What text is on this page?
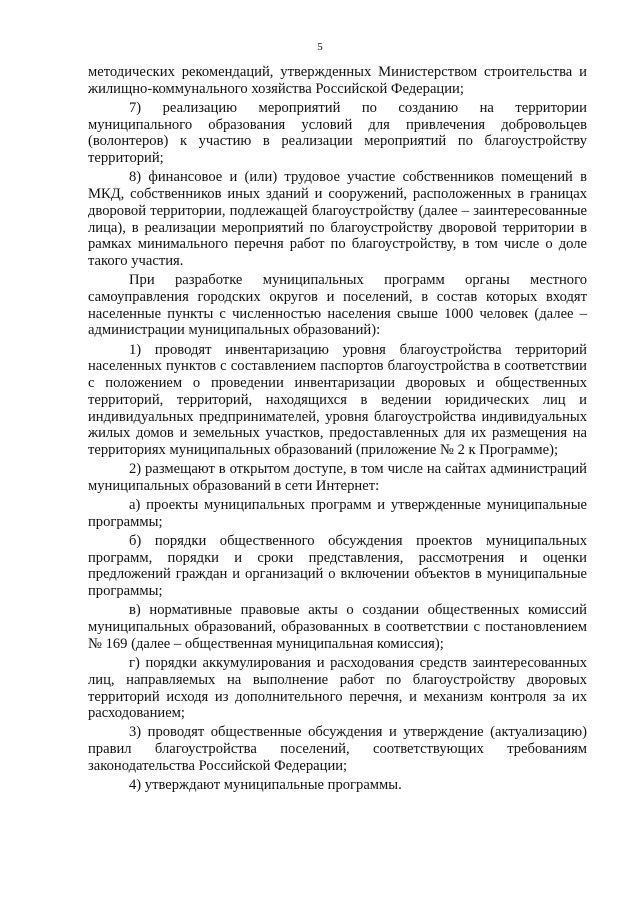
5

методических рекомендаций, утвержденных Министерством строительства и жилищно-коммунального хозяйства Российской Федерации;

7) реализацию мероприятий по созданию на территории муниципального образования условий для привлечения добровольцев (волонтеров) к участию в реализации мероприятий по благоустройству территорий;

8) финансовое и (или) трудовое участие собственников помещений в МКД, собственников иных зданий и сооружений, расположенных в границах дворовой территории, подлежащей благоустройству (далее – заинтересованные лица), в реализации мероприятий по благоустройству дворовой территории в рамках минимального перечня работ по благоустройству, в том числе о доле такого участия.

При разработке муниципальных программ органы местного самоуправления городских округов и поселений, в состав которых входят населенные пункты с численностью населения свыше 1000 человек (далее – администрации муниципальных образований):

1) проводят инвентаризацию уровня благоустройства территорий населенных пунктов с составлением паспортов благоустройства в соответствии с положением о проведении инвентаризации дворовых и общественных территорий, территорий, находящихся в ведении юридических лиц и индивидуальных предпринимателей, уровня благоустройства индивидуальных жилых домов и земельных участков, предоставленных для их размещения на территориях муниципальных образований (приложение № 2 к Программе);

2) размещают в открытом доступе, в том числе на сайтах администраций муниципальных образований в сети Интернет:

а) проекты муниципальных программ и утвержденные муниципальные программы;

б) порядки общественного обсуждения проектов муниципальных программ, порядки и сроки представления, рассмотрения и оценки предложений граждан и организаций о включении объектов в муниципальные программы;

в) нормативные правовые акты о создании общественных комиссий муниципальных образований, образованных в соответствии с постановлением № 169 (далее – общественная муниципальная комиссия);

г) порядки аккумулирования и расходования средств заинтересованных лиц, направляемых на выполнение работ по благоустройству дворовых территорий исходя из дополнительного перечня, и механизм контроля за их расходованием;

3) проводят общественные обсуждения и утверждение (актуализацию) правил благоустройства поселений, соответствующих требованиям законодательства Российской Федерации;

4) утверждают муниципальные программы.
